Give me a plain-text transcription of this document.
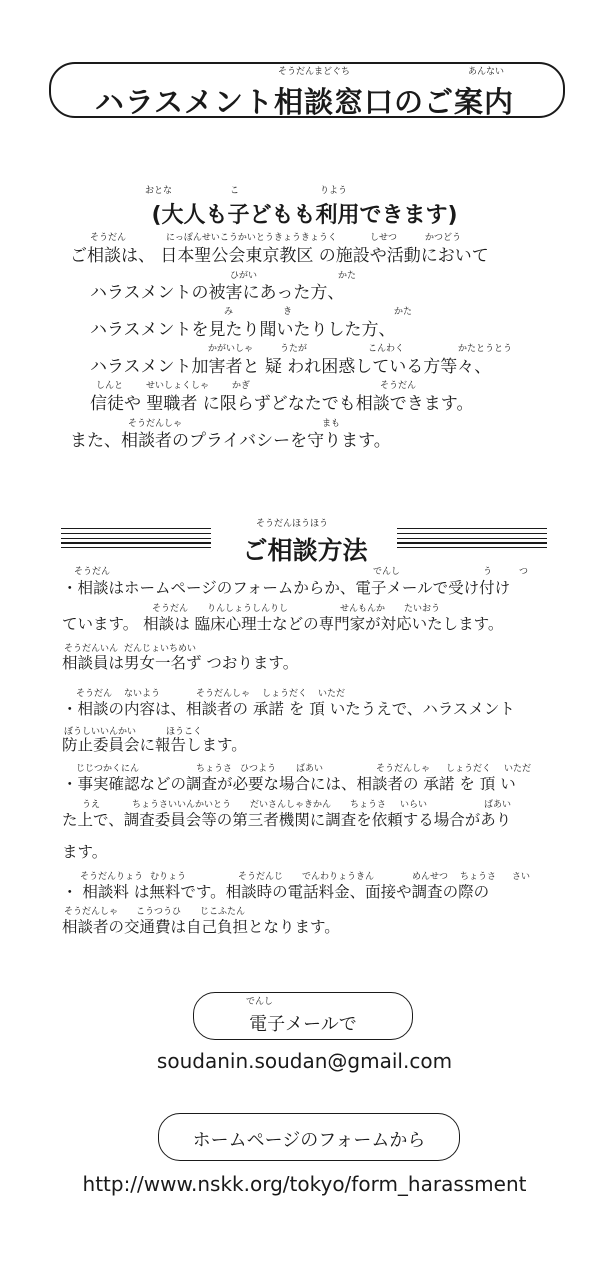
そうだんまどぐち	あんない
ハラスメント相談窓口のご案内
おとな	こ	りよう
(大人も子どもも利用できます)
そうだん	にっぽんせいこうかいとうきょうきょうく	しせつ	かつどう
ご相談は、 日本聖公会東京教区 の施設や活動において
ひがい	かた
ハラスメントの被害にあった方、
み	き	かた
ハラスメントを見たり聞いたりした方、
かがいしゃ	うたが	こんわく	かたとうとう
ハラスメント加害者と 疑 われ困惑している方等々、
しんと	せいしょくしゃ	かぎ	そうだん
信徒や 聖職者 に限らずどなたでも相談できます。
そうだんしゃ	まも
また、相談者のプライバシーを守ります。
そうだんほうほう
ご相談方法
そうだん	でんし	う	つ
・相談はホームページのフォームからか、電子メールで受け付け
そうだん りんしょうしんりし	せんもんか たいおう
ています。 相談は 臨床心理士などの専門家が対応いたします。
そうだんいん だんじょいちめい
相談員は男女一名ず つおります。
そうだん ないよう	そうだんしゃ しょうだく いただ
・相談の内容は、相談者の 承諾 を 頂 いたうえで、ハラスメント
ぼうしいいんかい	ほうこく
防止委員会に報告します。
じじつかくにん	ちょうさ ひつよう ばあい	そうだんしゃ しょうだく いただ
・事実確認などの調査が必要な場合には、相談者の 承諾 を 頂 い
うえ	ちょうさいいんかいとう だいさんしゃきかん ちょうさ いらい	ばあい
た上で、調査委員会等の第三者機関に調査を依頼する場合があり
ます。
そうだんりょう むりょう	そうだんじ でんわりょうきん	めんせつ ちょうさ さい
・ 相談料 は無料です。相談時の電話料金、面接や調査の際の
そうだんしゃ こうつうひ じこふたん
相談者の交通費は自己負担となります。
でんし
電子メールで
soudanin.soudan@gmail.com
ホームページのフォームから
http://www.nskk.org/tokyo/form_harassment
